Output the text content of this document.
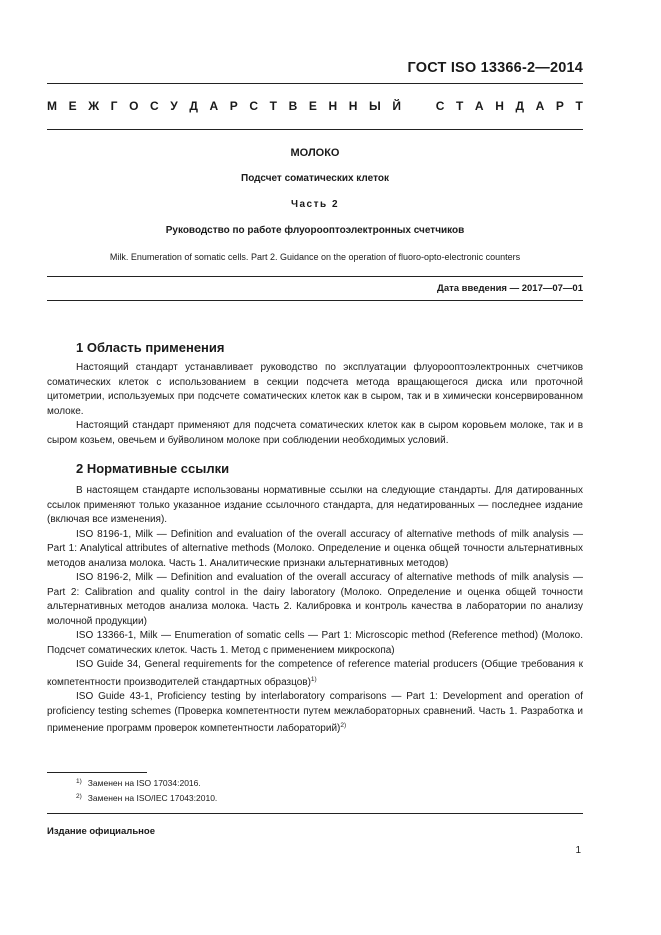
ГОСТ ISO 13366-2—2014
М Е Ж Г О С У Д А Р С Т В Е Н Н Ы Й	С Т А Н Д А Р Т
МОЛОКО
Подсчет соматических клеток
Часть 2
Руководство по работе флуороoптоэлектронных счетчиков
Milk. Enumeration of somatic cells. Part 2. Guidance on the operation of fluoro-opto-electronic counters
Дата введения — 2017—07—01
1 Область применения

Настоящий стандарт устанавливает руководство по эксплуатации флуороoптоэлектронных счетчиков соматических клеток с использованием в секции подсчета метода вращающегося диска или проточной цитометрии, используемых при подсчете соматических клеток как в сыром, так и в химически консервированном молоке.

Настоящий стандарт применяют для подсчета соматических клеток как в сыром коровьем молоке, так и в сыром козьем, овечьем и буйволином молоке при соблюдении необходимых условий.

2 Нормативные ссылки

В настоящем стандарте использованы нормативные ссылки на следующие стандарты. Для датированных ссылок применяют только указанное издание ссылочного стандарта, для недатированных — последнее издание (включая все изменения).

ISO 8196-1, Milk — Definition and evaluation of the overall accuracy of alternative methods of milk analysis — Part 1: Analytical attributes of alternative methods (Молоко. Определение и оценка общей точности альтернативных методов анализа молока. Часть 1. Аналитические признаки альтернативных методов)

ISO 8196-2, Milk — Definition and evaluation of the overall accuracy of alternative methods of milk analysis — Part 2: Calibration and quality control in the dairy laboratory (Молоко. Определение и оценка общей точности альтернативных методов анализа молока. Часть 2. Калибровка и контроль качества в лаборатории по анализу молочной продукции)

ISO 13366-1, Milk — Enumeration of somatic cells — Part 1: Microscopic method (Reference method) (Молоко. Подсчет соматических клеток. Часть 1. Метод с применением микроскопа)

ISO Guide 34, General requirements for the competence of reference material producers (Общие требования к компетентности производителей стандартных образцов)$^{1)}$

ISO Guide 43-1, Proficiency testing by interlaboratory comparisons — Part 1: Development and operation of proficiency testing schemes (Проверка компетентности путем межлабораторных сравнений. Часть 1. Разработка и применение программ проверок компетентности лабораторий)$^{2)}$

$^{1)}$ Заменен на ISO 17034:2016.
$^{2)}$ Заменен на ISO/IEC 17043:2010.
Издание официальное
1
